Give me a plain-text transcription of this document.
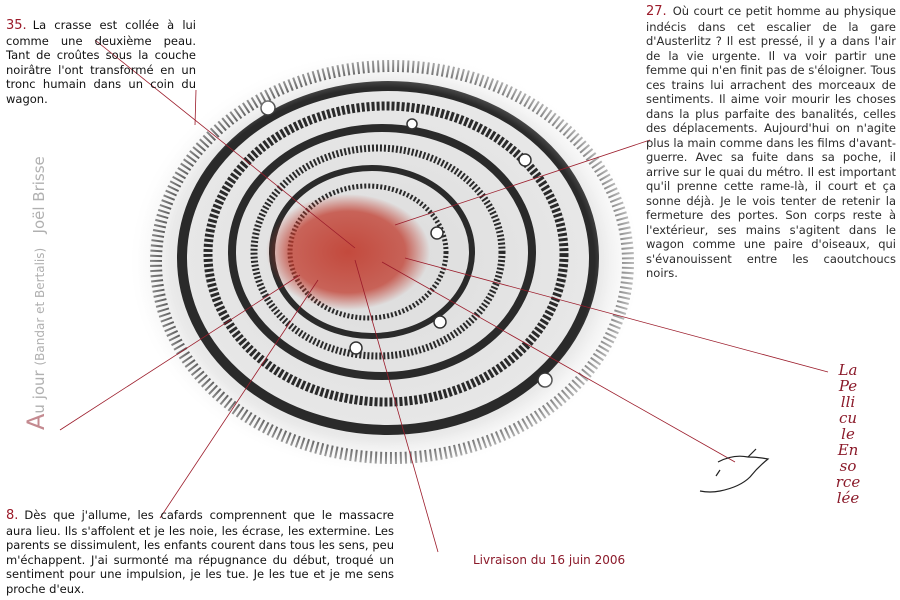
35. La crasse est collée à lui comme une deuxième peau. Tant de croûtes sous la couche noirâtre l'ont transformé en un tronc humain dans un coin du wagon.
27. Où court ce petit homme au physique indécis dans cet escalier de la gare d'Austerlitz ? Il est pressé, il y a dans l'air de la vie urgente. Il va voir partir une femme qui n'en finit pas de s'éloigner. Tous ces trains lui arrachent des morceaux de sentiments. Il aime voir mourir les choses dans la plus parfaite des banalités, celles des déplacements. Aujourd'hui on n'agite plus la main comme dans les films d'avant-guerre. Avec sa fuite dans sa poche, il arrive sur le quai du métro. Il est important qu'il prenne cette rame-là, il court et ça sonne déjà. Je le vois tenter de retenir la fermeture des portes. Son corps reste à l'extérieur, ses mains s'agitent dans le wagon comme une paire d'oiseaux, qui s'évanouissent entre les caoutchoucs noirs.
8. Dès que j'allume, les cafards comprennent que le massacre aura lieu. Ils s'affolent et je les noie, les écrase, les extermine. Les parents se dissimulent, les enfants courent dans tous les sens, peu m'échappent. J'ai surmonté ma répugnance du début, troqué un sentiment pour une impulsion, je les tue. Je les tue et je me sens proche d'eux.
Au jour (Bandar et Bertalis)   Joël Brisse
Livraison du 16 juin 2006
La
Pe
lli
cu
le
En
so
rce
lée
